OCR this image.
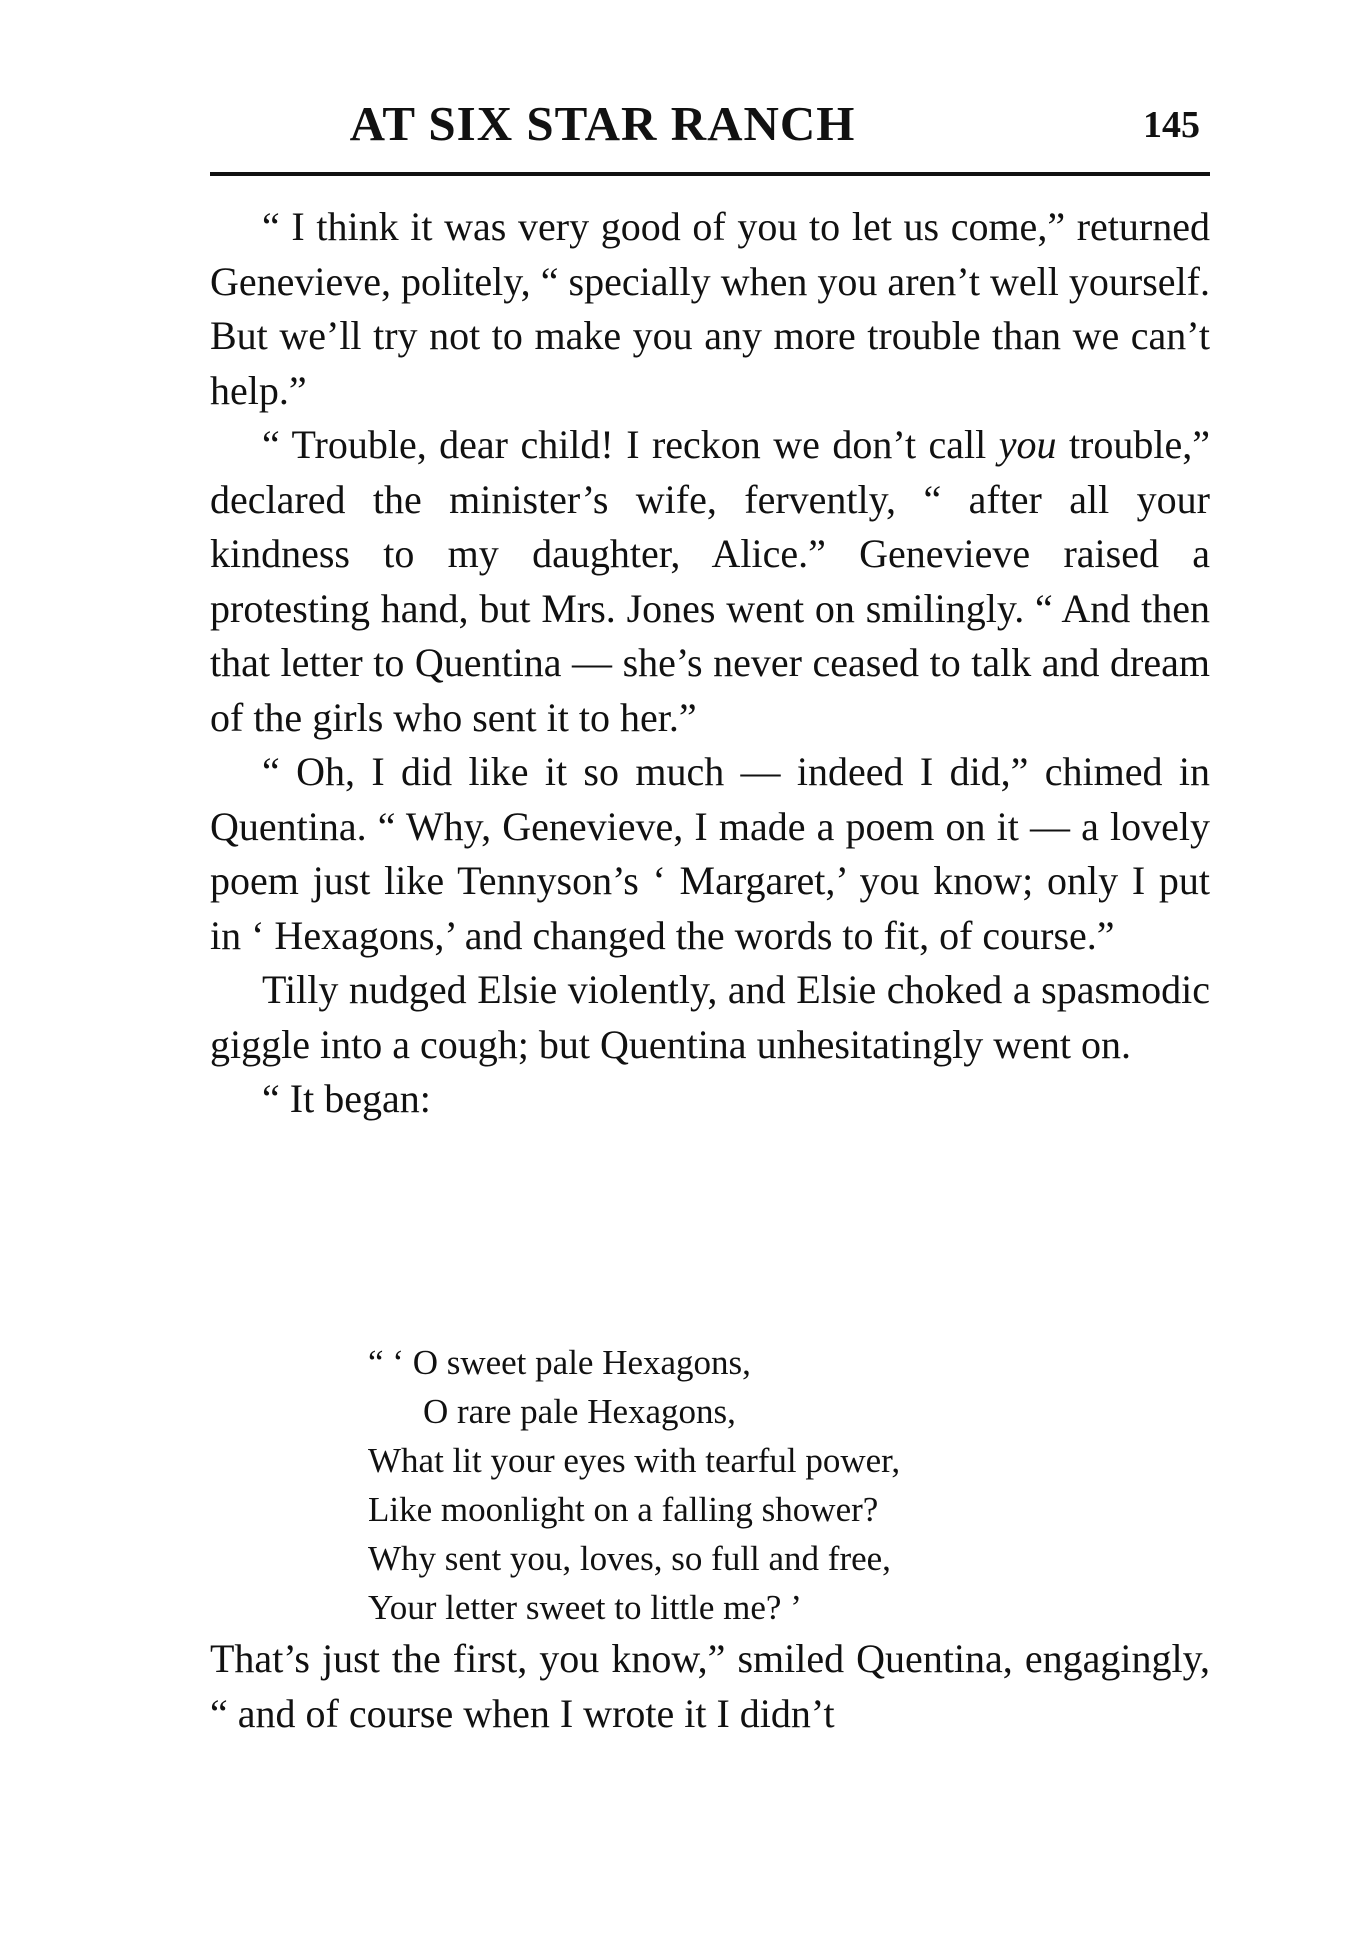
AT SIX STAR RANCH	145

“ I think it was very good of you to let us come,” returned Genevieve, politely, “ specially when you aren’t well yourself. But we’ll try not to make you any more trouble than we can’t help.”

“ Trouble, dear child! I reckon we don’t call you trouble,” declared the minister’s wife, fervently, “ after all your kindness to my daughter, Alice.” Genevieve raised a protesting hand, but Mrs. Jones went on smilingly. “ And then that letter to Quentina — she’s never ceased to talk and dream of the girls who sent it to her.”

“ Oh, I did like it so much — indeed I did,” chimed in Quentina. “ Why, Genevieve, I made a poem on it — a lovely poem just like Tennyson’s ‘ Margaret,’ you know; only I put in ‘ Hexagons,’ and changed the words to fit, of course.”

Tilly nudged Elsie violently, and Elsie choked a spasmodic giggle into a cough; but Quentina unhesitatingly went on.

“ It began:

“ ‘ O sweet pale Hexagons,
O rare pale Hexagons,
What lit your eyes with tearful power,
Like moonlight on a falling shower?
Why sent you, loves, so full and free,
Your letter sweet to little me? ’

That’s just the first, you know,” smiled Quentina, engagingly, “ and of course when I wrote it I didn’t
